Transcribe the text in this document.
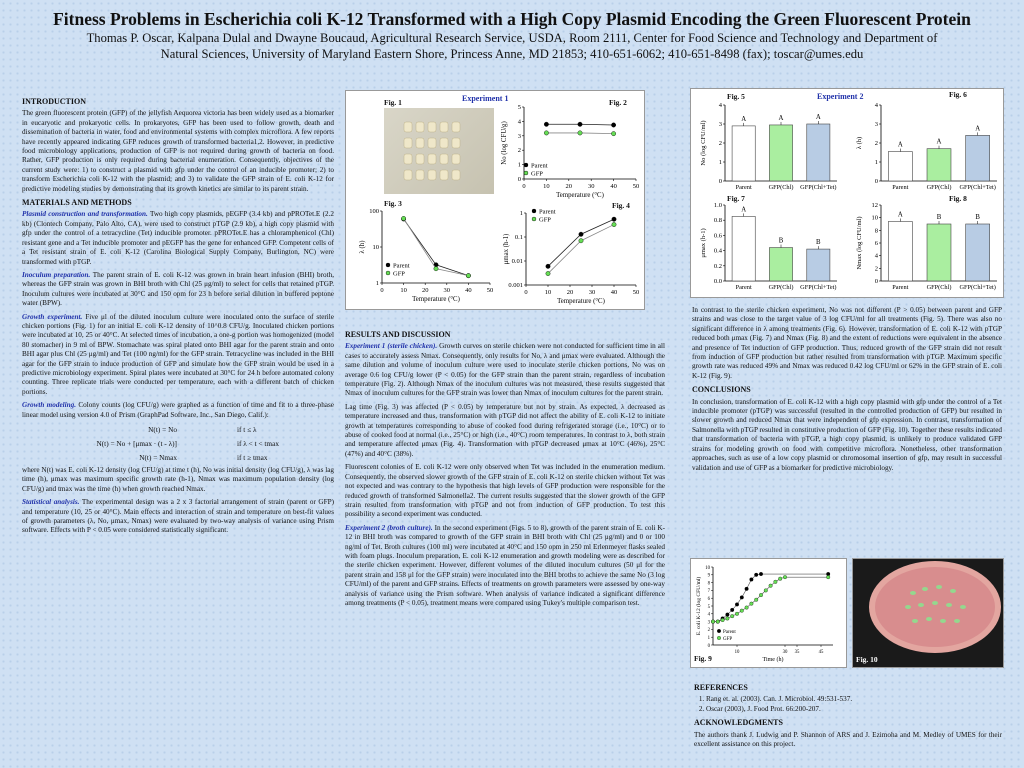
Fitness Problems in Escherichia coli K-12 Transformed with a High Copy Plasmid Encoding the Green Fluorescent Protein
Thomas P. Oscar, Kalpana Dulal and Dwayne Boucaud, Agricultural Research Service, USDA, Room 2111, Center for Food Science and Technology and Department of
Natural Sciences, University of Maryland Eastern Shore, Princess Anne, MD 21853; 410-651-6062; 410-651-8498 (fax); toscar@umes.edu
INTRODUCTION

The green fluorescent protein (GFP) of the jellyfish Aequorea victoria has been widely used as a biomarker in eucaryotic and prokaryotic cells. In prokaryotes, GFP has been used to follow growth, death and dissemination of bacteria in water, food and environmental systems with complex microflora. A few reports have recently appeared indicating GFP reduces growth of transformed bacteria1,2. However, in predictive food microbiology applications, production of GFP is not required during growth of bacteria on food. Rather, GFP production is only required during bacterial enumeration. Consequently, objectives of the current study were: 1) to construct a plasmid with gfp under the control of an inducible promoter; 2) to transform Escherichia coli K-12 with the plasmid; and 3) to validate the GFP strain of E. coli K-12 for predictive modeling studies by demonstrating that its growth kinetics are similar to its parent strain.

MATERIALS AND METHODS

Plasmid construction and transformation. Two high copy plasmids, pEGFP (3.4 kb) and pPROTet.E (2.2 kb) (Clontech Company, Palo Alto, CA), were used to construct pTGP (2.9 kb), a high copy plasmid with gfp under the control of a tetracycline (Tet) inducible promoter. pPROTet.E has a chloramphenicol (Chl) resistant gene and a Tet inducible promoter and pEGFP has the gene for enhanced GFP. Competent cells of a Tet resistant strain of E. coli K-12 (Carolina Biological Supply Company, Burlington, NC) were transformed with pTGP.

Inoculum preparation. The parent strain of E. coli K-12 was grown in brain heart infusion (BHI) broth, whereas the GFP strain was grown in BHI broth with Chl (25 μg/ml) to select for cells that retained pTGP. Inoculum cultures were incubated at 30°C and 150 opm for 23 h before serial dilution in buffered peptone water (BPW).

Growth experiment. Five μl of the diluted inoculum culture were inoculated onto the surface of sterile chicken portions (Fig. 1) for an initial E. coli K-12 density of 10^0.8 CFU/g. Inoculated chicken portions were incubated at 10, 25 or 40°C. At selected times of incubation, a one-g portion was homogenized (model 80 stomacher) in 9 ml of BPW. Stomachate was spiral plated onto BHI agar for the parent strain and onto BHI agar plus Chl (25 μg/ml) and Tet (100 ng/ml) for the GFP strain. Tetracycline was included in the BHI agar for the GFP strain to induce production of GFP and simulate how the GFP strain would be used in a predictive microbiology experiment. Spiral plates were incubated at 30°C for 24 h before automated colony counting. Three replicate trials were conducted per temperature, each with a different batch of chicken portions.

Growth modeling. Colony counts (log CFU/g) were graphed as a function of time and fit to a three-phase linear model using version 4.0 of Prism (GraphPad Software, Inc., San Diego, Calif.):

N(t) = No	if t ≤ λ
N(t) = No + [μmax · (t - λ)]	if λ < t < tmax
N(t) = Nmax	if t ≥ tmax

where N(t) was E. coli K-12 density (log CFU/g) at time t (h), No was initial density (log CFU/g), λ was lag time (h), μmax was maximum specific growth rate (h-1), Nmax was maximum population density (log CFU/g) and tmax was the time (h) when growth reached Nmax.

Statistical analysis. The experimental design was a 2 x 3 factorial arrangement of strain (parent or GFP) and temperature (10, 25 or 40°C). Main effects and interaction of strain and temperature on best-fit values of growth parameters (λ, No, μmax, Nmax) were evaluated by two-way analysis of variance using Prism software. Effects with P < 0.05 were considered statistically significant.

Experiment 1
Fig. 1	Fig. 2
0	10 20 30 40 50
0
1
2
3
4
5
Temperature (°C)
No (log CFU/g)
Parent
GFP
Fig. 3
0	10 20 30 40 50
1
10
100
Temperature (°C)
λ (h)
Parent
GFP
Fig. 4
0	10 20 30 40 50
0.001
0.01
0.1
1
Temperature (°C)
μmax (h-1)
Parent
GFP
RESULTS AND DISCUSSION

Experiment 1 (sterile chicken). Growth curves on sterile chicken were not conducted for sufficient time in all cases to accurately assess Nmax. Consequently, only results for No, λ and μmax were evaluated. Although the same dilution and volume of inoculum culture were used to inoculate sterile chicken portions, No was on average 0.6 log CFU/g lower (P < 0.05) for the GFP strain than the parent strain, regardless of incubation temperature (Fig. 2). Although Nmax of the inoculum cultures was not measured, these results suggested that Nmax of inoculum cultures for the GFP strain was lower than Nmax of inoculum cultures for the parent strain.

Lag time (Fig. 3) was affected (P < 0.05) by temperature but not by strain. As expected, λ decreased as temperature increased and thus, transformation with pTGP did not affect the ability of E. coli K-12 to initiate growth at temperatures corresponding to abuse of cooked food during refrigerated storage (i.e., 10°C) or to abuse of cooked food at normal (i.e., 25°C) or high (i.e., 40°C) room temperatures. In contrast to λ, both strain and temperature affected μmax (Fig. 4). Transformation with pTGP decreased μmax at 10°C (46%), 25°C (47%) and 40°C (38%).

Fluorescent colonies of E. coli K-12 were only observed when Tet was included in the enumeration medium. Consequently, the observed slower growth of the GFP strain of E. coli K-12 on sterile chicken without Tet was not expected and was contrary to the hypothesis that high levels of GFP production were responsible for the reduced growth of transformed Salmonella2. The current results suggested that the slower growth of the GFP strain resulted from transformation with pTGP and not from induction of GFP production. To test this possibility a second experiment was conducted.

Experiment 2 (broth culture). In the second experiment (Figs. 5 to 8), growth of the parent strain of E. coli K-12 in BHI broth was compared to growth of the GFP strain in BHI broth with Chl (25 μg/ml) and 0 or 100 ng/ml of Tet. Broth cultures (100 ml) were incubated at 40°C and 150 opm in 250 ml Erlenmeyer flasks sealed with foam plugs. Inoculum preparation, E. coli K-12 enumeration and growth modeling were as described for the sterile chicken experiment. However, different volumes of the diluted inoculum cultures (50 μl for the parent strain and 158 μl for the GFP strain) were inoculated into the BHI broths to achieve the same No (3 log CFU/ml) of the parent and GFP strains. Effects of treatments on growth parameters were assessed by one-way analysis of variance using the Prism software. When analysis of variance indicated a significant difference among treatments (P < 0.05), treatment means were compared using Tukey's multiple comparison test.

Experiment 2
Fig. 5	Fig. 6
Fig. 7	Fig. 8
0
1
2
3
4
No (log CFU/ml)
A
Parent
A
GFP(Chl)
A
GFP(Chl+Tet)
0
1
2
3
4
λ (h)	A
Parent
A
GFP(Chl)
A
GFP(Chl+Tet)
0.0
0.2
0.4
0.6
0.8
1.0
μmax (h-1)
A
Parent
B
GFP(Chl)
B
GFP(Chl+Tet)
0
2
4
6
8
10
12
Nmax (log CFU/ml)
A
Parent
B
GFP(Chl)
B
GFP(Chl+Tet)

In contrast to the sterile chicken experiment, No was not different (P > 0.05) between parent and GFP strains and was close to the target value of 3 log CFU/ml for all treatments (Fig. 5). There was also no significant difference in λ among treatments (Fig. 6). However, transformation of E. coli K-12 with pTGP reduced both μmax (Fig. 7) and Nmax (Fig. 8) and the extent of reductions were equivalent in the absence and presence of Tet induction of GFP production. Thus, reduced growth of the GFP strain did not result from induction of GFP production but rather resulted from transformation with pTGP. Maximum specific growth rate was reduced 49% and Nmax was reduced 0.42 log CFU/ml or 62% in the GFP strain of E. coli K-12 (Fig. 9).

CONCLUSIONS

In conclusion, transformation of E. coli K-12 with a high copy plasmid with gfp under the control of a Tet inducible promoter (pTGP) was successful (resulted in the controlled production of GFP) but resulted in slower growth and reduced Nmax that were independent of gfp expression. In contrast, transformation of Salmonella with pTGP resulted in constitutive production of GFP (Fig. 10). Together these results indicated that transformation of bacteria with pTGP, a high copy plasmid, is unlikely to produce validated GFP strains for modeling growth on food with competitive microflora. Nonetheless, other transformation approaches, such as use of a low copy plasmid or chromosomal insertion of gfp, may result in successful validation and use of GFP as a biomarker for predictive microbiology.

0
1
2
3
4
5
6
7
8
9
10
10	30 35	45
Time (h)
E. coli K-12 (log CFU/ml)	Parent
GFP
Fig. 9	Fig. 10
REFERENCES
1. Rang et. al. (2003). Can. J. Microbiol. 49:531-537.
2. Oscar (2003), J. Food Prot. 66:200-207.
ACKNOWLEDGMENTS

The authors thank J. Ludwig and P. Shannon of ARS and J. Ezimoha and M. Medley of UMES for their excellent assistance on this project.
